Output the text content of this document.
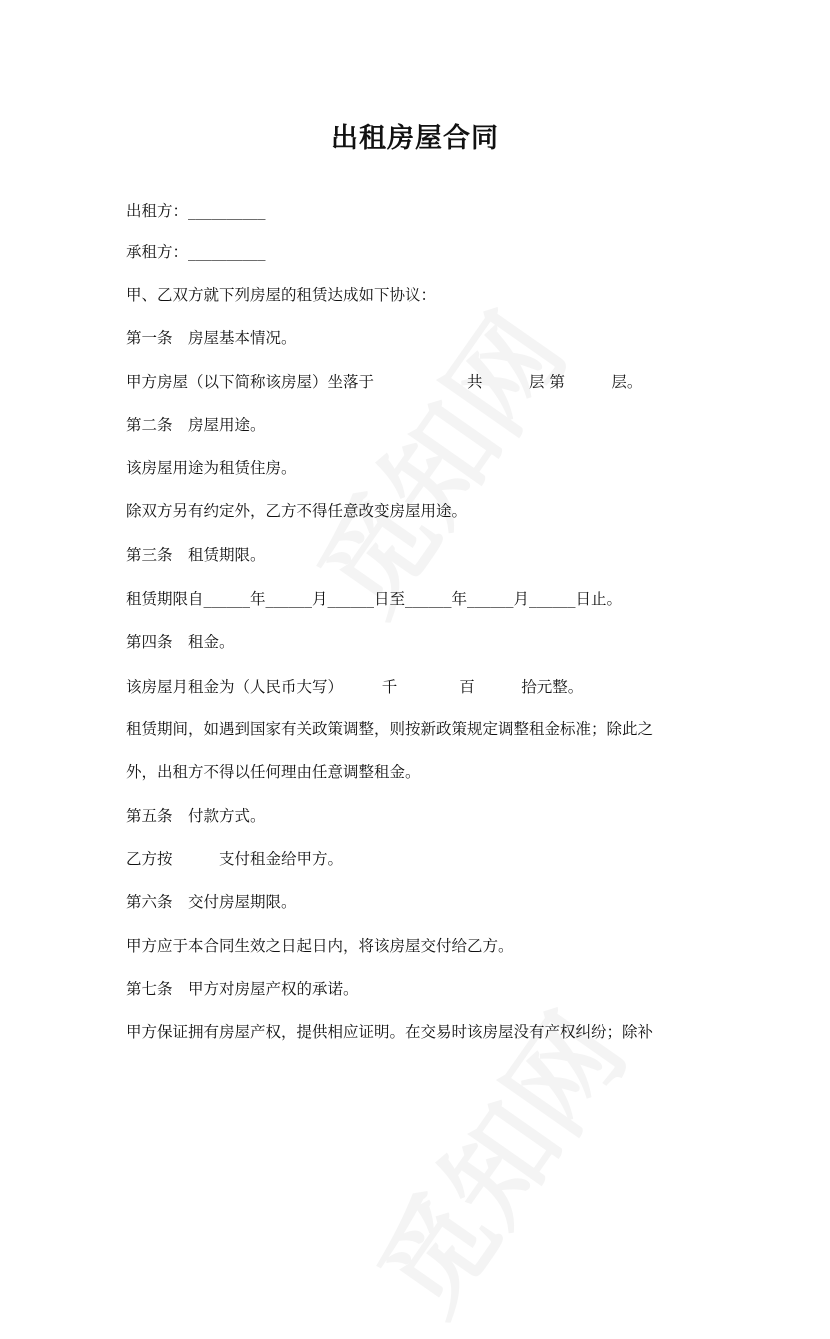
出租房屋合同
出租方：__________
承租方：__________
甲、乙双方就下列房屋的租赁达成如下协议：
第一条　房屋基本情况。
甲方房屋（以下简称该房屋）坐落于　　　　　　共　　　层 第　　　层。
第二条　房屋用途。
该房屋用途为租赁住房。
除双方另有约定外，乙方不得任意改变房屋用途。
第三条　租赁期限。
租赁期限自______年______月______日至______年______月______日止。
第四条　租金。
该房屋月租金为（人民币大写）　　　千　　　　百　　　拾元整。
租赁期间，如遇到国家有关政策调整，则按新政策规定调整租金标准；除此之
外，出租方不得以任何理由任意调整租金。
第五条　付款方式。
乙方按　　　支付租金给甲方。
第六条　交付房屋期限。
甲方应于本合同生效之日起日内，将该房屋交付给乙方。
第七条　甲方对房屋产权的承诺。
甲方保证拥有房屋产权，提供相应证明。在交易时该房屋没有产权纠纷；除补
